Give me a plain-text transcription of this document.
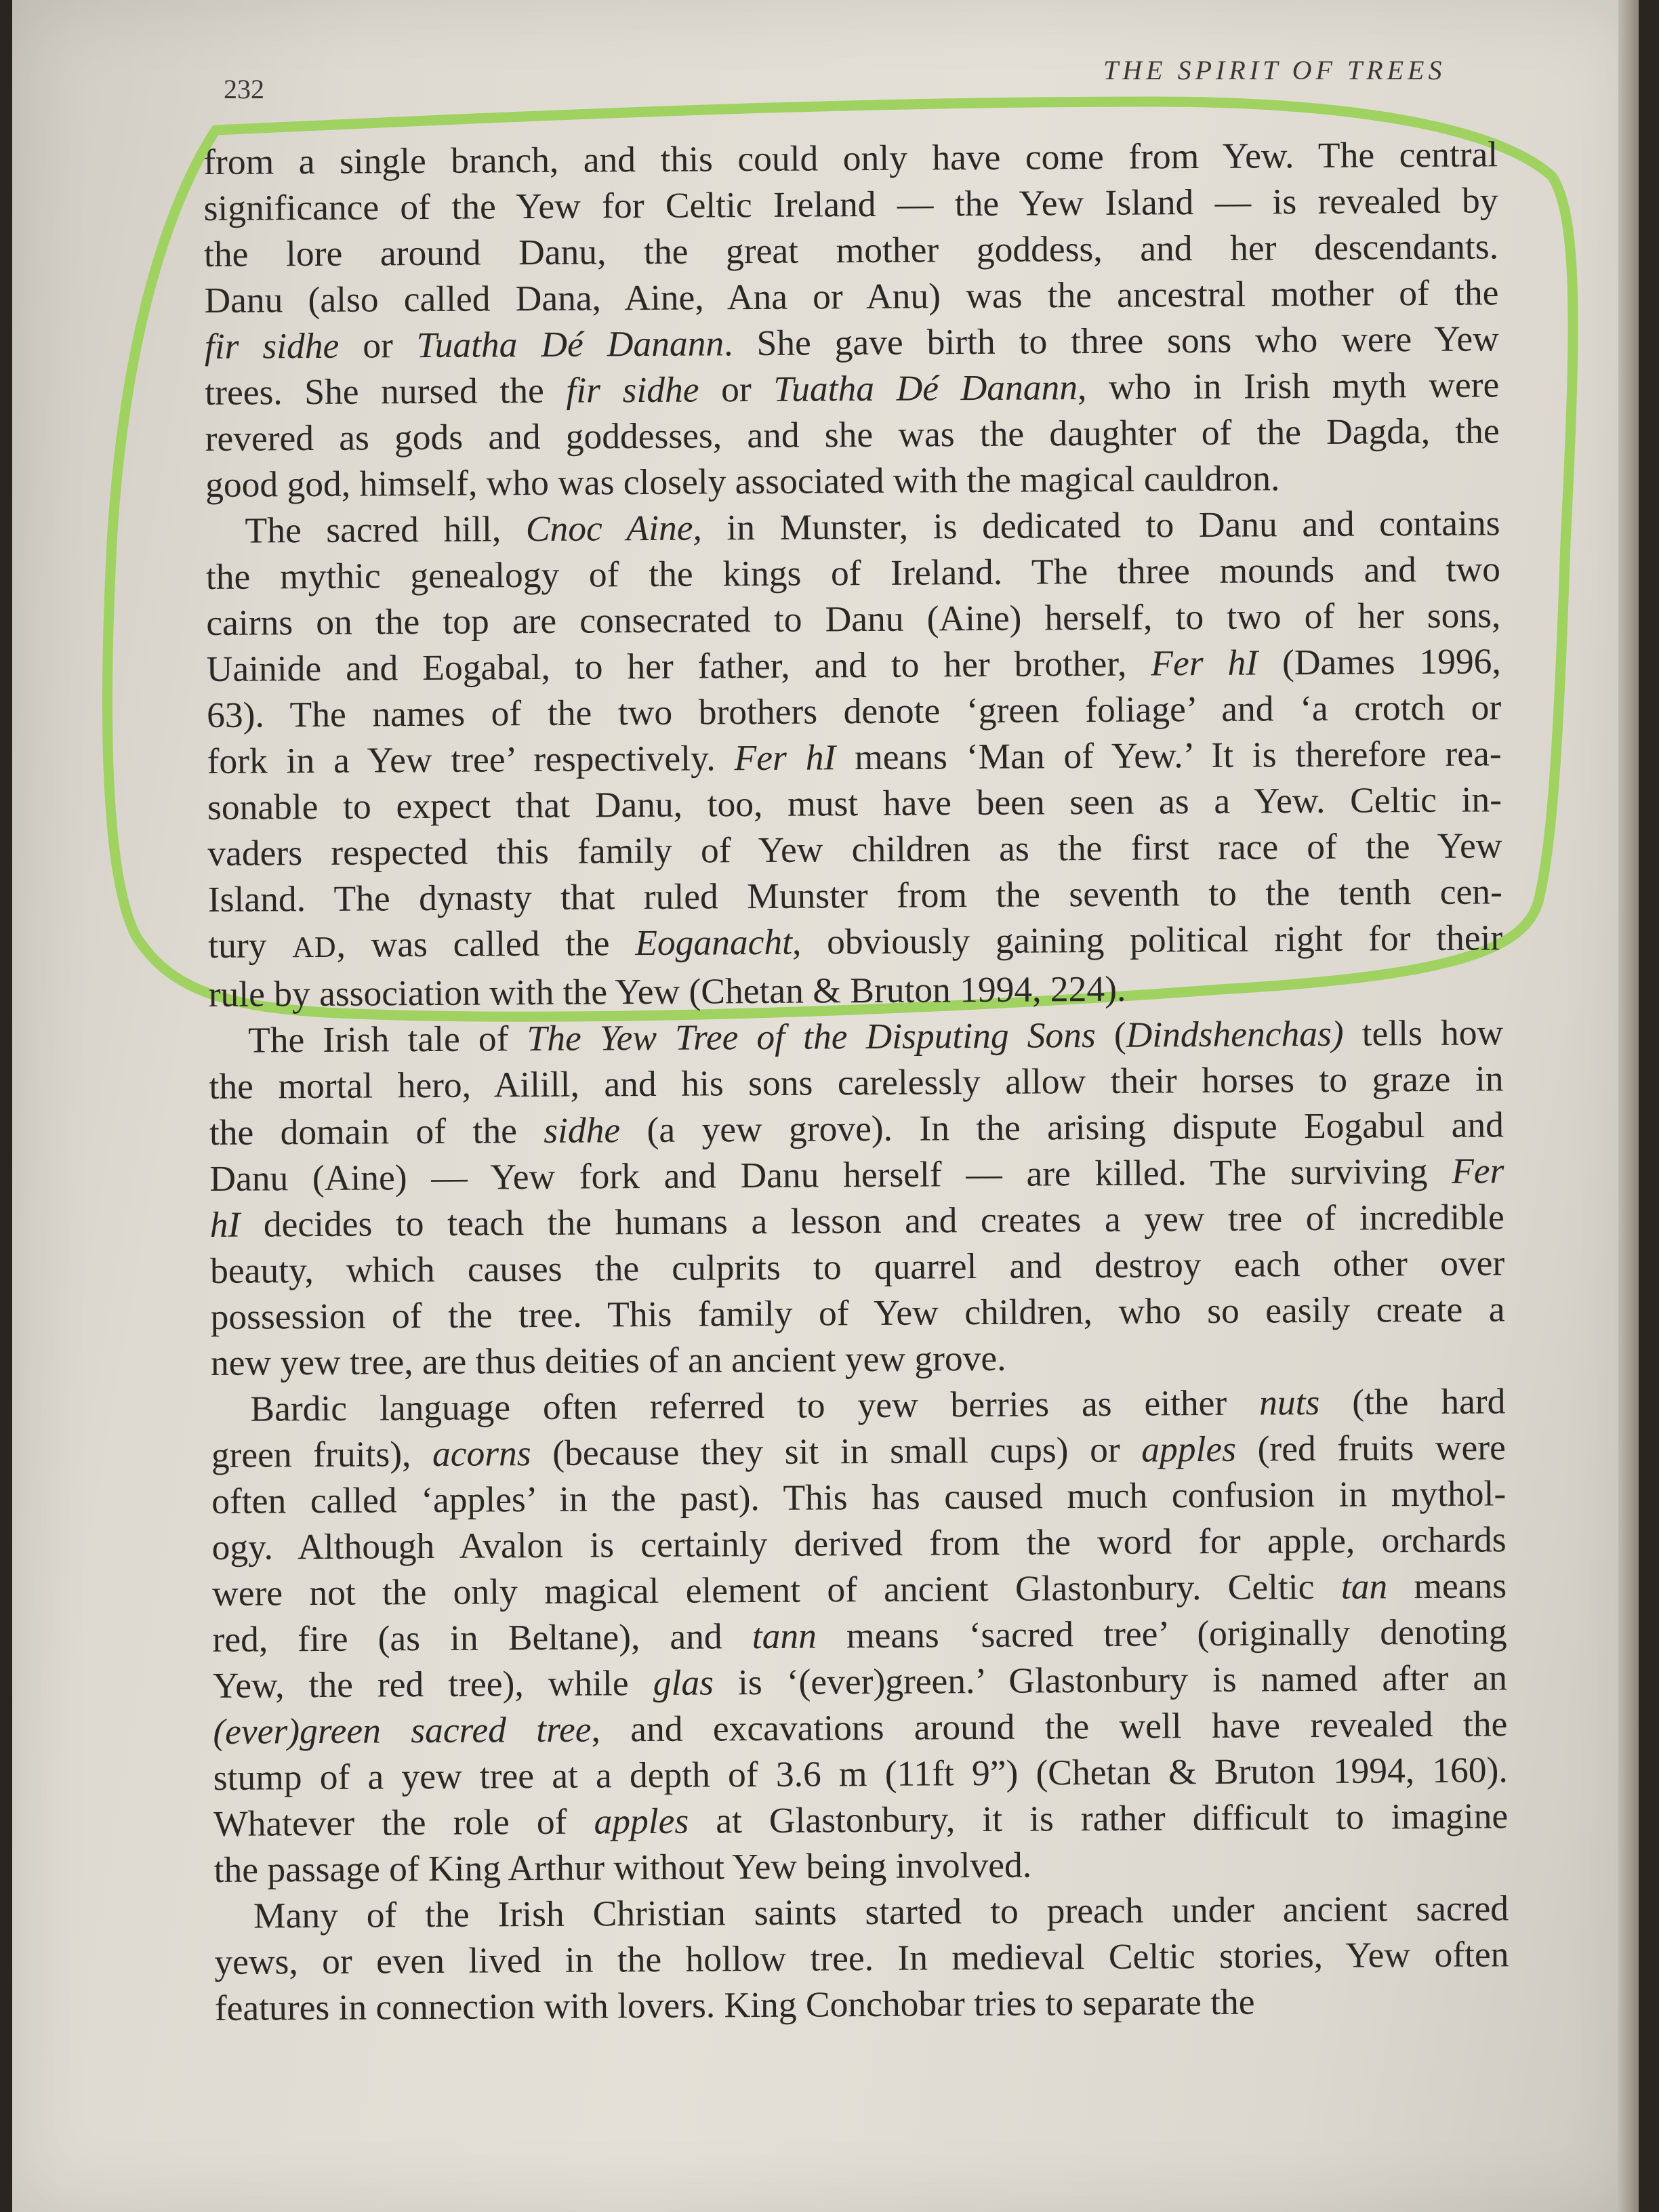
232
THE SPIRIT OF TREES
from a single branch, and this could only have come from Yew. The central
significance of the Yew for Celtic Ireland — the Yew Island — is revealed by
the lore around Danu, the great mother goddess, and her descendants.
Danu (also called Dana, Aine, Ana or Anu) was the ancestral mother of the
fir sidhe or Tuatha Dé Danann. She gave birth to three sons who were Yew
trees. She nursed the fir sidhe or Tuatha Dé Danann, who in Irish myth were
revered as gods and goddesses, and she was the daughter of the Dagda, the
good god, himself, who was closely associated with the magical cauldron.
The sacred hill, Cnoc Aine, in Munster, is dedicated to Danu and contains
the mythic genealogy of the kings of Ireland. The three mounds and two
cairns on the top are consecrated to Danu (Aine) herself, to two of her sons,
Uainide and Eogabal, to her father, and to her brother, Fer hI (Dames 1996,
63). The names of the two brothers denote ‘green foliage’ and ‘a crotch or
fork in a Yew tree’ respectively. Fer hI means ‘Man of Yew.’ It is therefore rea-
sonable to expect that Danu, too, must have been seen as a Yew. Celtic in-
vaders respected this family of Yew children as the first race of the Yew
Island. The dynasty that ruled Munster from the seventh to the tenth cen-
tury AD, was called the Eoganacht, obviously gaining political right for their
rule by association with the Yew (Chetan & Bruton 1994, 224).
The Irish tale of The Yew Tree of the Disputing Sons (Dindshenchas) tells how
the mortal hero, Ailill, and his sons carelessly allow their horses to graze in
the domain of the sidhe (a yew grove). In the arising dispute Eogabul and
Danu (Aine) — Yew fork and Danu herself — are killed. The surviving Fer
hI decides to teach the humans a lesson and creates a yew tree of incredible
beauty, which causes the culprits to quarrel and destroy each other over
possession of the tree. This family of Yew children, who so easily create a
new yew tree, are thus deities of an ancient yew grove.
Bardic language often referred to yew berries as either nuts (the hard
green fruits), acorns (because they sit in small cups) or apples (red fruits were
often called ‘apples’ in the past). This has caused much confusion in mythol-
ogy. Although Avalon is certainly derived from the word for apple, orchards
were not the only magical element of ancient Glastonbury. Celtic tan means
red, fire (as in Beltane), and tann means ‘sacred tree’ (originally denoting
Yew, the red tree), while glas is ‘(ever)green.’ Glastonbury is named after an
(ever)green sacred tree, and excavations around the well have revealed the
stump of a yew tree at a depth of 3.6 m (11ft 9”) (Chetan & Bruton 1994, 160).
Whatever the role of apples at Glastonbury, it is rather difficult to imagine
the passage of King Arthur without Yew being involved.
Many of the Irish Christian saints started to preach under ancient sacred
yews, or even lived in the hollow tree. In medieval Celtic stories, Yew often
features in connection with lovers. King Conchobar tries to separate the
